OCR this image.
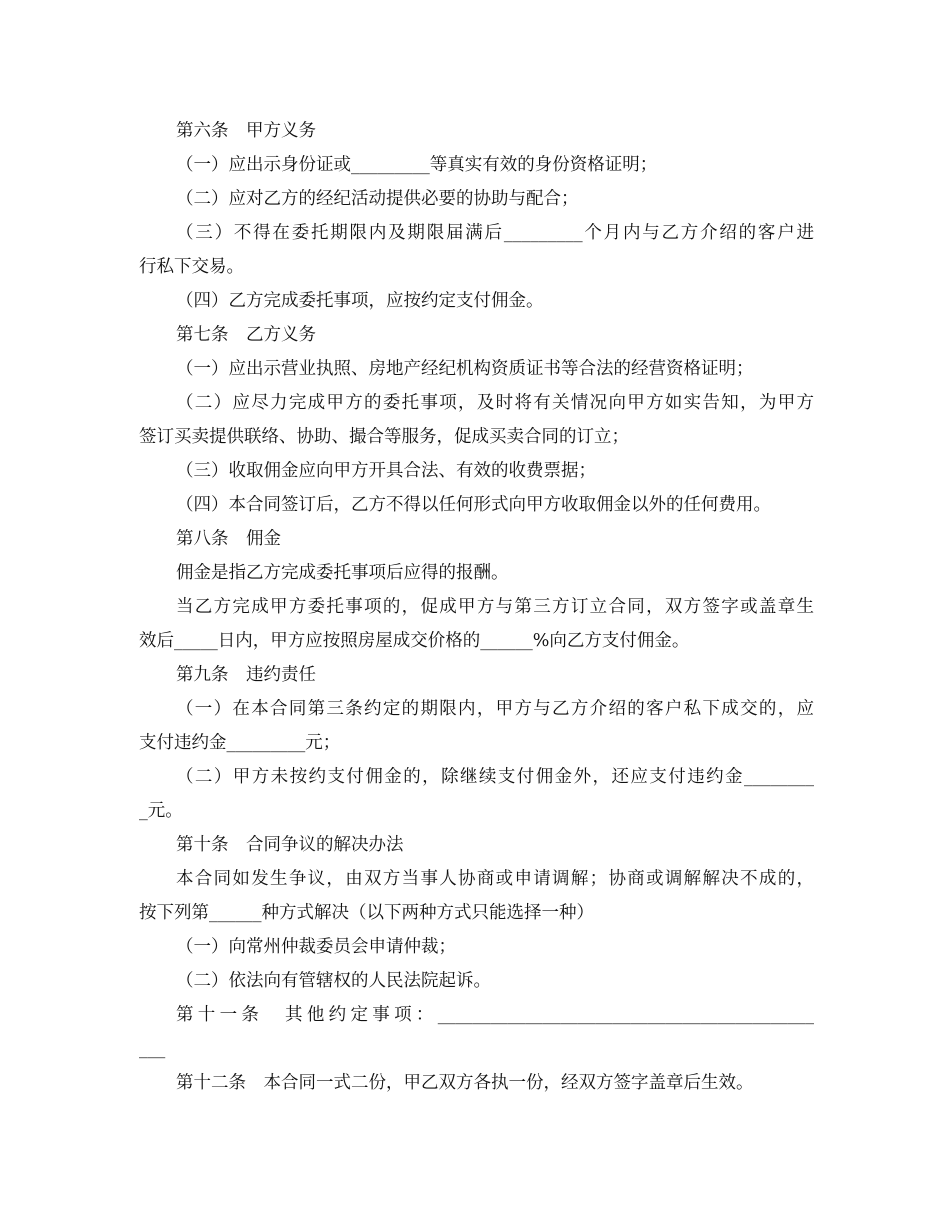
第六条　甲方义务

（一）应出示身份证或_________等真实有效的身份资格证明；

（二）应对乙方的经纪活动提供必要的协助与配合；

（三）不得在委托期限内及期限届满后_________个月内与乙方介绍的客户进

行私下交易。

（四）乙方完成委托事项，应按约定支付佣金。

第七条　乙方义务

（一）应出示营业执照、房地产经纪机构资质证书等合法的经营资格证明；

（二）应尽力完成甲方的委托事项，及时将有关情况向甲方如实告知，为甲方

签订买卖提供联络、协助、撮合等服务，促成买卖合同的订立；

（三）收取佣金应向甲方开具合法、有效的收费票据；

（四）本合同签订后，乙方不得以任何形式向甲方收取佣金以外的任何费用。

第八条　佣金

佣金是指乙方完成委托事项后应得的报酬。

当乙方完成甲方委托事项的，促成甲方与第三方订立合同，双方签字或盖章生

效后_____日内，甲方应按照房屋成交价格的______%向乙方支付佣金。

第九条　违约责任

（一）在本合同第三条约定的期限内，甲方与乙方介绍的客户私下成交的，应

支付违约金_________元；

（二）甲方未按约支付佣金的，除继续支付佣金外，还应支付违约金________

_元。

第十条　合同争议的解决办法

本合同如发生争议，由双方当事人协商或申请调解；协商或调解解决不成的，

按下列第______种方式解决（以下两种方式只能选择一种）

（一）向常州仲裁委员会申请仲裁；

（二）依法向有管辖权的人民法院起诉。

第十一条　其他约定事项：___________________________________________

___

第十二条　本合同一式二份，甲乙双方各执一份，经双方签字盖章后生效。
